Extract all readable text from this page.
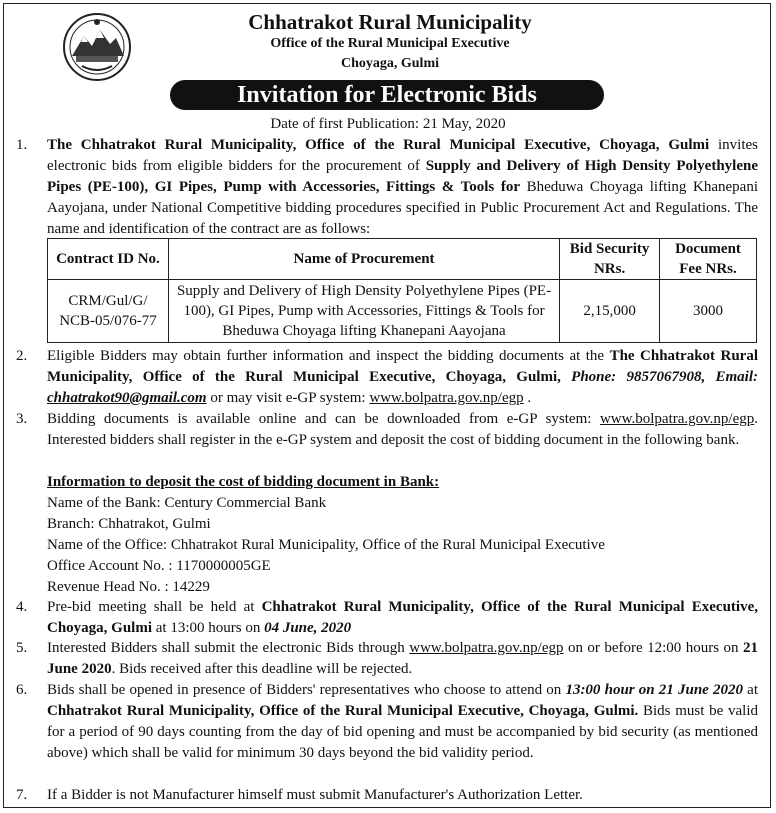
Chhatrakot Rural Municipality
Office of the Rural Municipal Executive
Choyaga, Gulmi
Invitation for Electronic Bids
Date of first Publication: 21 May, 2020
1.	The Chhatrakot Rural Municipality, Office of the Rural Municipal Executive, Choyaga, Gulmi invites electronic bids from eligible bidders for the procurement of Supply and Delivery of High Density Polyethylene Pipes (PE-100), GI Pipes, Pump with Accessories, Fittings & Tools for Bheduwa Choyaga lifting Khanepani Aayojana, under National Competitive bidding procedures specified in Public Procurement Act and Regulations. The name and identification of the contract are as follows:
Contract ID No.	Name of Procurement	Bid Security NRs.	Document Fee NRs.
CRM/Gul/G/ NCB-05/076-77	Supply and Delivery of High Density Polyethylene Pipes (PE-100), GI Pipes, Pump with Accessories, Fittings & Tools for Bheduwa Choyaga lifting Khanepani Aayojana	2,15,000	3000
2.	Eligible Bidders may obtain further information and inspect the bidding documents at the The Chhatrakot Rural Municipality, Office of the Rural Municipal Executive, Choyaga, Gulmi, Phone: 9857067908, Email: chhatrakot90@gmail.com or may visit e-GP system: www.bolpatra.gov.np/egp .
3.	Bidding documents is available online and can be downloaded from e-GP system: www.bolpatra.gov.np/egp. Interested bidders shall register in the e-GP system and deposit the cost of bidding document in the following bank.
Information to deposit the cost of bidding document in Bank:
Name of the Bank: Century Commercial Bank
Branch: Chhatrakot, Gulmi
Name of the Office: Chhatrakot Rural Municipality, Office of the Rural Municipal Executive
Office Account No. : 1170000005GE
Revenue Head No. : 14229
4.	Pre-bid meeting shall be held at Chhatrakot Rural Municipality, Office of the Rural Municipal Executive, Choyaga, Gulmi at 13:00 hours on 04 June, 2020
5.	Interested Bidders shall submit the electronic Bids through www.bolpatra.gov.np/egp on or before 12:00 hours on 21 June 2020. Bids received after this deadline will be rejected.
6.	Bids shall be opened in presence of Bidders' representatives who choose to attend on 13:00 hour on 21 June 2020 at Chhatrakot Rural Municipality, Office of the Rural Municipal Executive, Choyaga, Gulmi. Bids must be valid for a period of 90 days counting from the day of bid opening and must be accompanied by bid security (as mentioned above) which shall be valid for minimum 30 days beyond the bid validity period.
7.	If a Bidder is not Manufacturer himself must submit Manufacturer's Authorization Letter.
